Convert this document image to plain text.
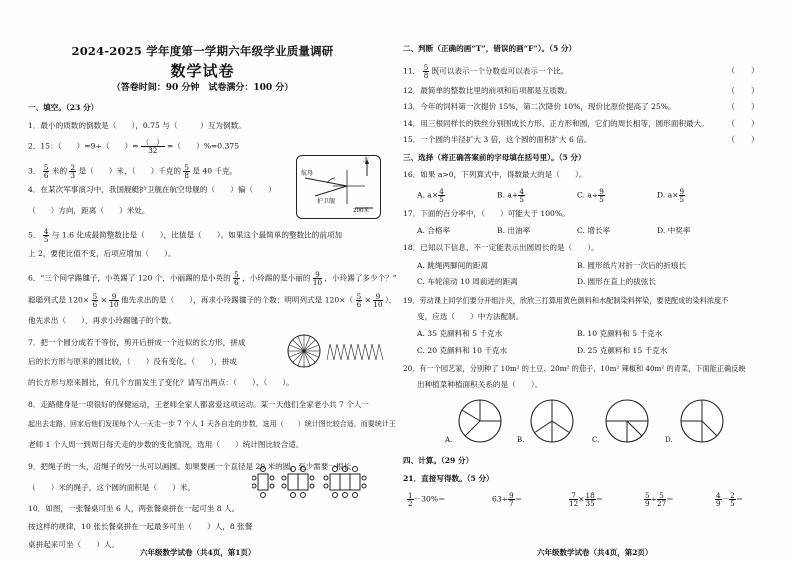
2024-2025 学年度第一学期六年级学业质量调研
数学试卷
（答卷时间：90 分钟　试卷满分：100 分）
一、填空。（23 分）
1．最小的质数的倒数是（　　），0.75 与（　　　）互为倒数。
2．15：（　　）=9÷（　　）= $\frac{( )}{32}$ =（　　）%=0.375
3． $\frac{5}{6}$ 米的 $\frac{2}{3}$ 是（　　）米，（　　）千克的 $\frac{5}{8}$ 是 40 千克。
4．在某次军事演习中，我国舰艇护卫舰在航空母舰的（　　）偏（　　）
（　　）方向，距离（　　）米处。
航母
北
护卫舰
200米
5． $\frac{4}{5}$ 与 1.6 化成最简整数比是（　　），比值是（　　）。如果这个最简单的整数比的前项加
上 2，要使比值不变，后项应增加（　　）。
6．“三个同学踢毽子，小英踢了 120 个，小丽踢的是小英的 $\frac{5}{6}$ ，小玲踢的是小丽的 $\frac{9}{10}$ ，小玲踢了多少个？”
聪聪列式是 $120\times \frac{5}{6} \times \frac{9}{10}$ 他先求出的是（　　），再求小玲踢毽子的个数；明明列式是 $120\times( \frac{5}{6} \times \frac{9}{10}$ ），
他先求出（　　），再求小玲踢毽子的个数。
7．把一个圆分成若干等份，剪开后拼成一个近似的长方形，拼成
后的长方形与原来的圆比较，（　　）没有变化。（　　），拼成
的长方形与原来圆比，有几个方面发生了变化？请写出两点：（　　）、（　　）。
8．走路健身是一项很好的保健运动，王老师全家人都喜爱这项运动。某一天他们全家老小共 7 个人一
起出去走路，回家后他们发现每个人一天走一步 7 个人 1 天各自走的步数，选用（　　）统计图比较合适，而要统计王
老师 1 个人周一到周日每天走的步数的变化情况，选用（　　）统计图比较合适。
9．把绳子的一头，沿绳子的另一头可以画圆。如果要画一个直径是 20 米的圆，至少需要一根长
（　　）米的绳子，这个圆的面积是（　　）米。
10．如图，一张餐桌可坐 6 人，两张餐桌拼在一起可坐 8 人。
按这样的规律，10 张长餐桌拼在一起最多可坐（　　）人，8 张餐
桌拼起来可坐（　　）人。
六年级数学试卷（共4页，第1页）
二、判断（正确的画“T”，错误的画“F”）。（5 分）
11． $\frac{5}{8}$ 既可以表示一个分数也可以表示一个比。	（　　）
12．最简单的整数比里的前项和后项都是互质数。	（　　）
13．今年的饲料第一次提价 15%，第二次降价 10%，现价比原价提高了 25%。	（　　）
14．用三根同样长的铁丝分别围成长方形、正方形和圆，它们的周长相等，圆形面积最大。 （　　）
15．一个圆的半径扩大 3 倍，这个圆的面积扩大 6 倍。	（　　）
三、选择（将正确答案前的字母填在括号里）。（5 分）
16．如果 a>0，下列算式中，得数最大的是（　　）。
A. $a\times \frac{4}{5}$	B. $a+ \frac{4}{5}$	C. $a\div \frac{9}{5}$	D. $a\times \frac{9}{5}$
17．下面的百分率中，（　　）可能大于 100%。
A. 合格率	B. 出油率	C. 增长率	D. 中奖率
18．已知以下信息，不一定能表示出圆周长的是（　　）。
A. 跳绳两脚间的距离	B. 圆形纸片对折一次后的折痕长
C. 车轮滚动 10 周前进的距离	D. 圆形在直上的拔弦长
19．劳动课上同学们要分开组汁夹，欣欣三打算用黄色颜料和水配制染料挥染，要使配成的染料浓度不
变，应选（　　）中方法配制。
A. 35 克颜料和 5 千克水	B. 10 克颜料和 5 千克水
C. 20 克颜料和 10 千克水	D. 25 克颜料和 15 千克水
20．有一个园艺家，分别种了 10m² 的土豆、20m² 的茄子，10m² 辣椒和 40m² 的青菜，下面能正确反映
出种植菜种植面积关系的是（　　）。
A.	B.	C.	D.
四、计算。（29 分）
21．直接写得数。（5 分）
$\frac{1}{2} -30\%=$	$63\div \frac{9}{7}$ ＝	$\frac{7}{12} \times \frac{18}{35}$ ＝	$\frac{5}{9} \div \frac{5}{27}$ ＝	$\frac{4}{9} - \frac{2}{5}$ ＝
六年级数学试卷（共4页，第2页）
